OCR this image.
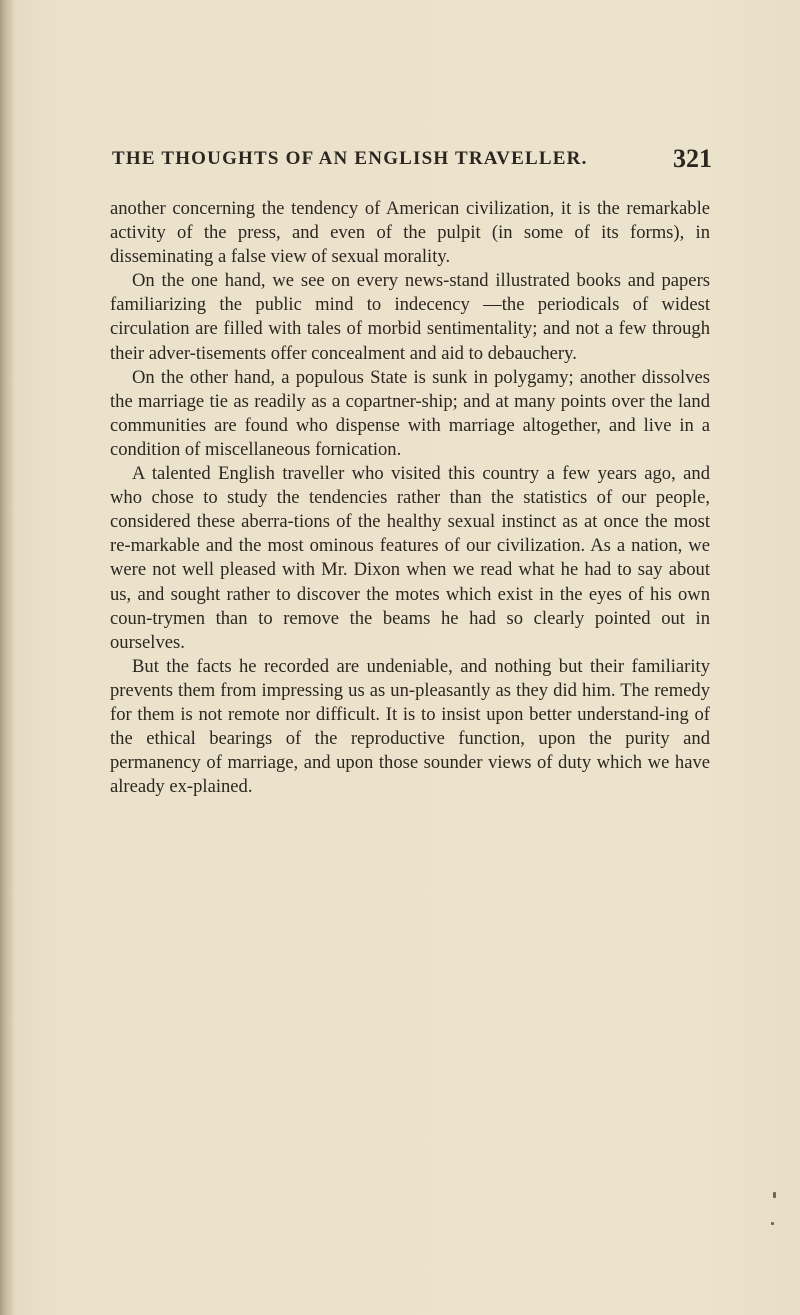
THE THOUGHTS OF AN ENGLISH TRAVELLER.	321

another concerning the tendency of American civilization, it is the remarkable activity of the press, and even of the pulpit (in some of its forms), in disseminating a false view of sexual morality.

On the one hand, we see on every news-stand illustrated books and papers familiarizing the public mind to indecency —the periodicals of widest circulation are filled with tales of morbid sentimentality; and not a few through their adver-tisements offer concealment and aid to debauchery.

On the other hand, a populous State is sunk in polygamy; another dissolves the marriage tie as readily as a copartner-ship; and at many points over the land communities are found who dispense with marriage altogether, and live in a condition of miscellaneous fornication.

A talented English traveller who visited this country a few years ago, and who chose to study the tendencies rather than the statistics of our people, considered these aberra-tions of the healthy sexual instinct as at once the most re-markable and the most ominous features of our civilization. As a nation, we were not well pleased with Mr. Dixon when we read what he had to say about us, and sought rather to discover the motes which exist in the eyes of his own coun-trymen than to remove the beams he had so clearly pointed out in ourselves.

But the facts he recorded are undeniable, and nothing but their familiarity prevents them from impressing us as un-pleasantly as they did him. The remedy for them is not remote nor difficult. It is to insist upon better understand-ing of the ethical bearings of the reproductive function, upon the purity and permanency of marriage, and upon those sounder views of duty which we have already ex-plained.
